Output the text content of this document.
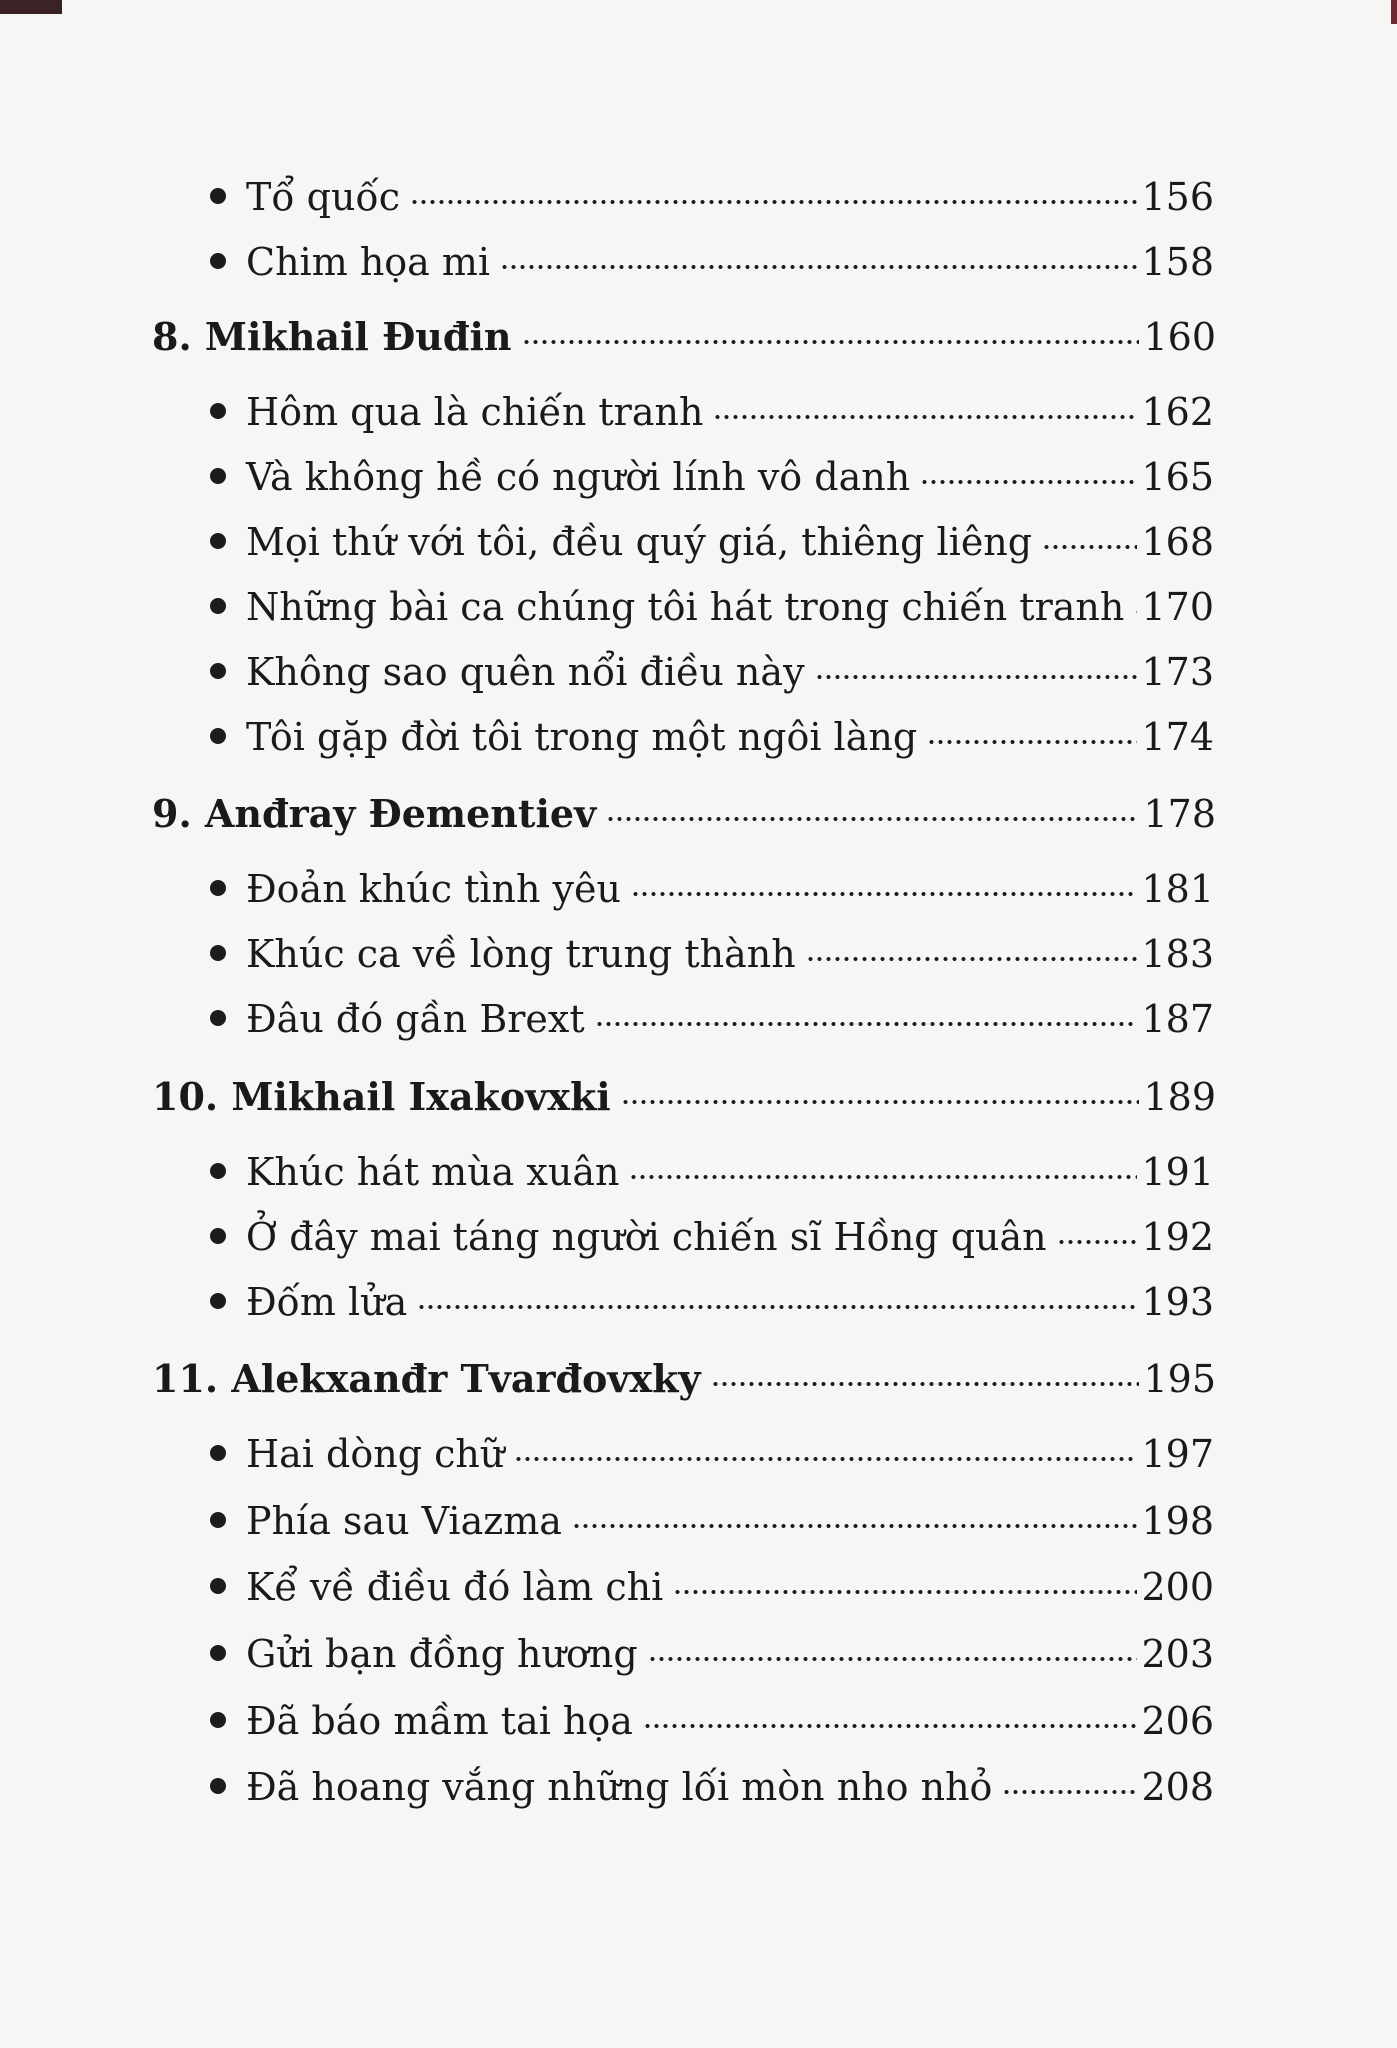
Tổ quốc	156
Chim họa mi	158
8. Mikhail Đuđin	160
Hôm qua là chiến tranh	162
Và không hề có người lính vô danh	165
Mọi thứ với tôi, đều quý giá, thiêng liêng	168
Những bài ca chúng tôi hát trong chiến tranh 170
Không sao quên nổi điều này	173
Tôi gặp đời tôi trong một ngôi làng	174
9. Anđray Đementiev	178
Đoản khúc tình yêu	181
Khúc ca về lòng trung thành	183
Đâu đó gần Brext	187
10. Mikhail Ixakovxki	189
Khúc hát mùa xuân	191
Ở đây mai táng người chiến sĩ Hồng quân 192
Đốm lửa	193
11. Alekxanđr Tvarđovxky	195
Hai dòng chữ	197
Phía sau Viazma	198
Kể về điều đó làm chi	200
Gửi bạn đồng hương	203
Đã báo mầm tai họa	206
Đã hoang vắng những lối mòn nho nhỏ	208
